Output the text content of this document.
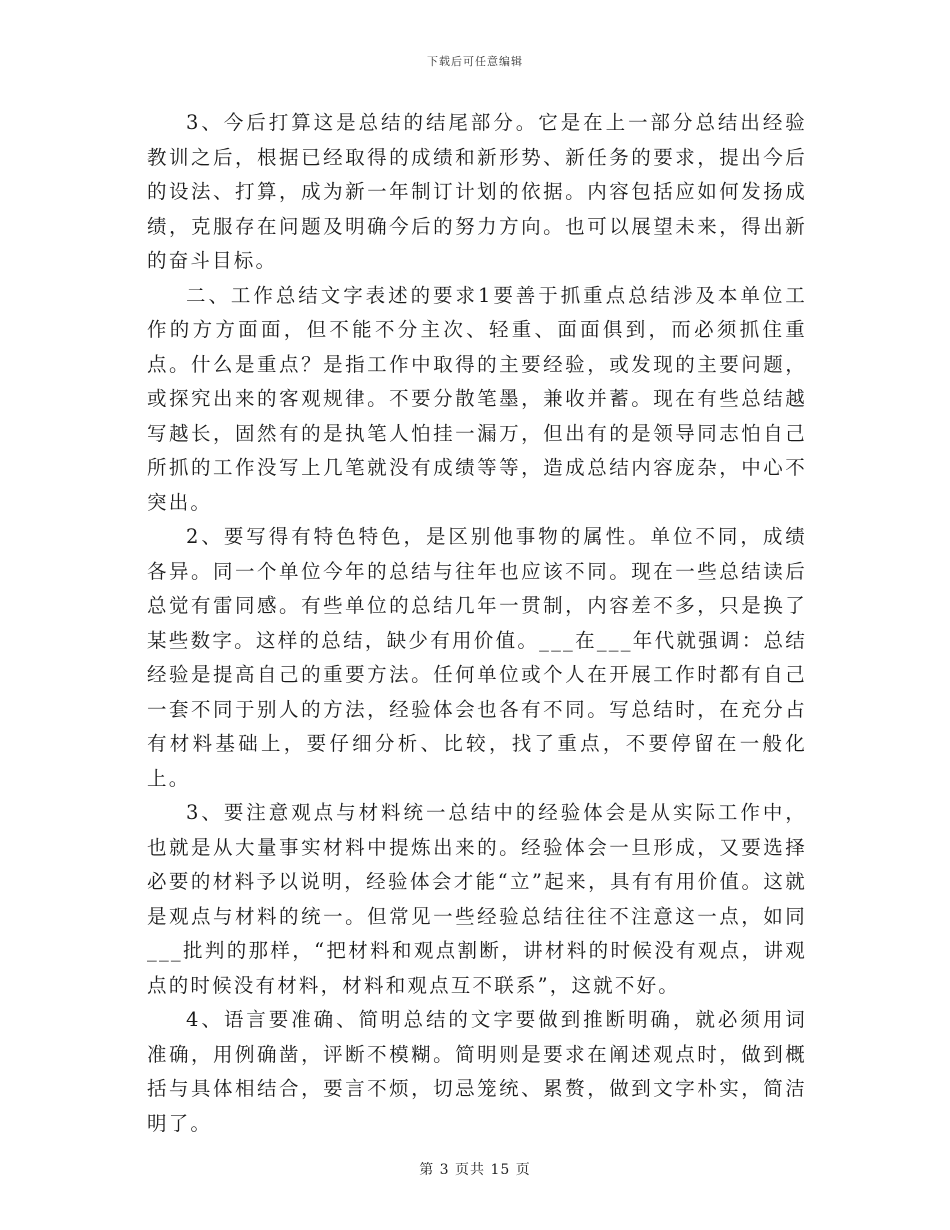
下载后可任意编辑

3、今后打算这是总结的结尾部分。它是在上一部分总结出经验教训之后，根据已经取得的成绩和新形势、新任务的要求，提出今后的设法、打算，成为新一年制订计划的依据。内容包括应如何发扬成绩，克服存在问题及明确今后的努力方向。也可以展望未来，得出新的奋斗目标。

二、工作总结文字表述的要求1要善于抓重点总结涉及本单位工作的方方面面，但不能不分主次、轻重、面面俱到，而必须抓住重点。什么是重点？是指工作中取得的主要经验，或发现的主要问题，或探究出来的客观规律。不要分散笔墨，兼收并蓄。现在有些总结越写越长，固然有的是执笔人怕挂一漏万，但出有的是领导同志怕自己所抓的工作没写上几笔就没有成绩等等，造成总结内容庞杂，中心不突出。

2、要写得有特色特色，是区别他事物的属性。单位不同，成绩各异。同一个单位今年的总结与往年也应该不同。现在一些总结读后总觉有雷同感。有些单位的总结几年一贯制，内容差不多，只是换了某些数字。这样的总结，缺少有用价值。___在___年代就强调：总结经验是提高自己的重要方法。任何单位或个人在开展工作时都有自己一套不同于别人的方法，经验体会也各有不同。写总结时，在充分占有材料基础上，要仔细分析、比较，找了重点，不要停留在一般化上。

3、要注意观点与材料统一总结中的经验体会是从实际工作中，也就是从大量事实材料中提炼出来的。经验体会一旦形成，又要选择必要的材料予以说明，经验体会才能“立”起来，具有有用价值。这就是观点与材料的统一。但常见一些经验总结往往不注意这一点，如同___批判的那样，“把材料和观点割断，讲材料的时候没有观点，讲观点的时候没有材料，材料和观点互不联系”，这就不好。

4、语言要准确、简明总结的文字要做到推断明确，就必须用词准确，用例确凿，评断不模糊。简明则是要求在阐述观点时，做到概括与具体相结合，要言不烦，切忌笼统、累赘，做到文字朴实，简洁明了。

第 3 页共 15 页
